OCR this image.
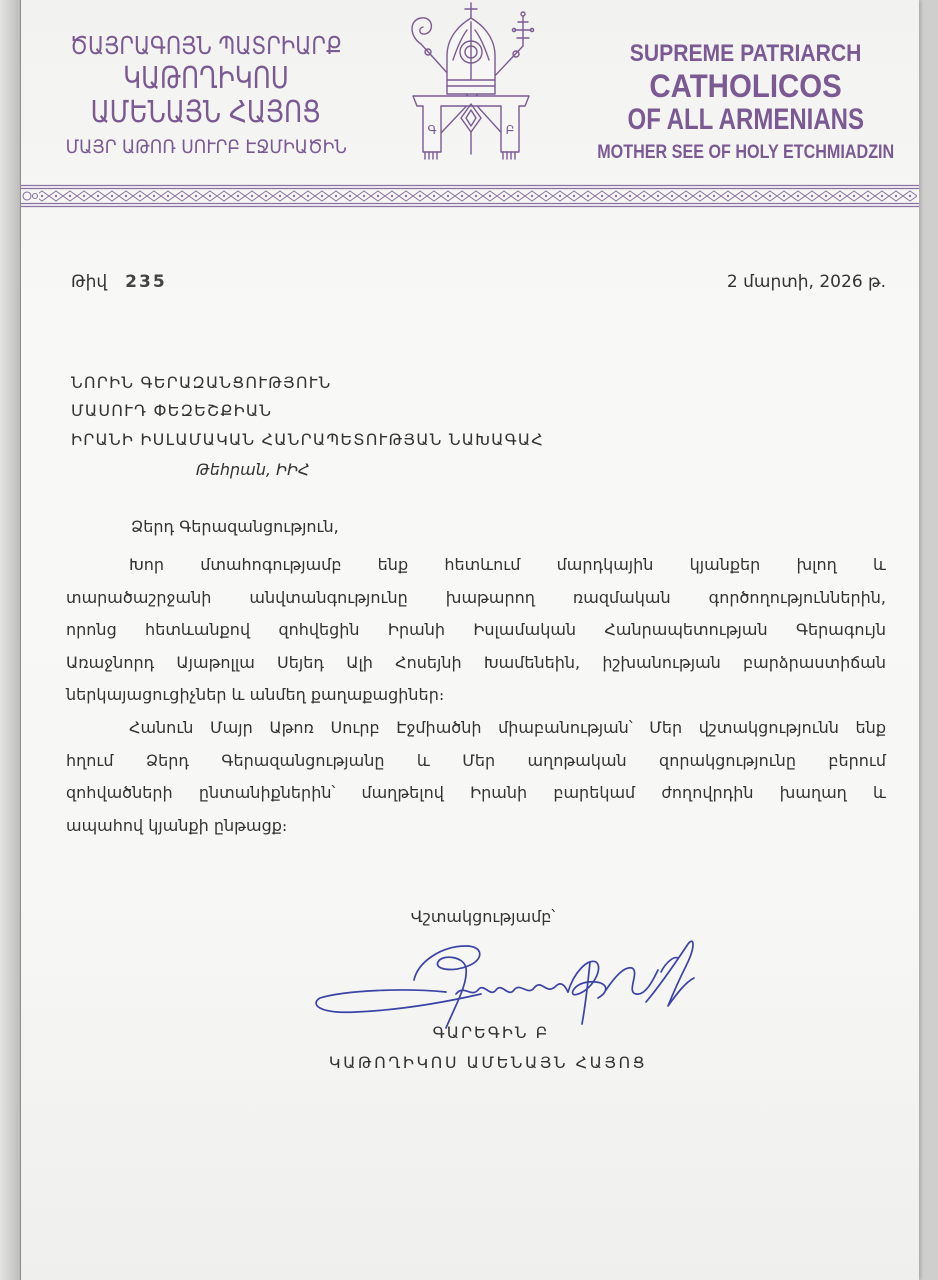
ԾԱՅՐԱԳՈՅՆ ՊԱՏՐԻԱՐՔ
ԿԱԹՈՂԻԿՈՍ
ԱՄԵՆԱՅՆ ՀԱՅՈՑ
ՄԱՅՐ ԱԹՈՌ ՍՈՒՐԲ ԷՋՄԻԱԾԻՆ
Գ	Բ
SUPREME PATRIARCH
CATHOLICOS
OF ALL ARMENIANS
MOTHER SEE OF HOLY ETCHMIADZIN
Թիվ 235	2 մարտի, 2026 թ.
ՆՈՐԻՆ ԳԵՐԱԶԱՆՑՈՒԹՅՈՒՆ
ՄԱՍՈՒԴ ՓԵԶԵՇՔԻԱՆ
ԻՐԱՆԻ ԻՍԼԱՄԱԿԱՆ ՀԱՆՐԱՊԵՏՈՒԹՅԱՆ ՆԱԽԱԳԱՀ
Թեհրան, ԻԻՀ
Ձերդ Գերազանցություն,
Խոր մտահոգությամբ ենք հետևում մարդկային կյանքեր խլող և
տարածաշրջանի անվտանգությունը խաթարող ռազմական գործողություններին,
որոնց հետևանքով զոհվեցին Իրանի Իսլամական Հանրապետության Գերագույն
Առաջնորդ Այաթոլլա Սեյեդ Ալի Հոսեյնի Խամենեին, իշխանության բարձրաստիճան
ներկայացուցիչներ և անմեղ քաղաքացիներ։
Հանուն Մայր Աթոռ Սուրբ Էջմիածնի միաբանության՝ Մեր վշտակցությունն ենք
հղում Ձերդ Գերազանցությանը և Մեր աղոթական զորակցությունը բերում
զոհվածների ընտանիքներին՝ մաղթելով Իրանի բարեկամ ժողովրդին խաղաղ և
ապահով կյանքի ընթացք։
Վշտակցությամբ՝
ԳԱՐԵԳԻՆ Բ
ԿԱԹՈՂԻԿՈՍ ԱՄԵՆԱՅՆ ՀԱՅՈՑ
